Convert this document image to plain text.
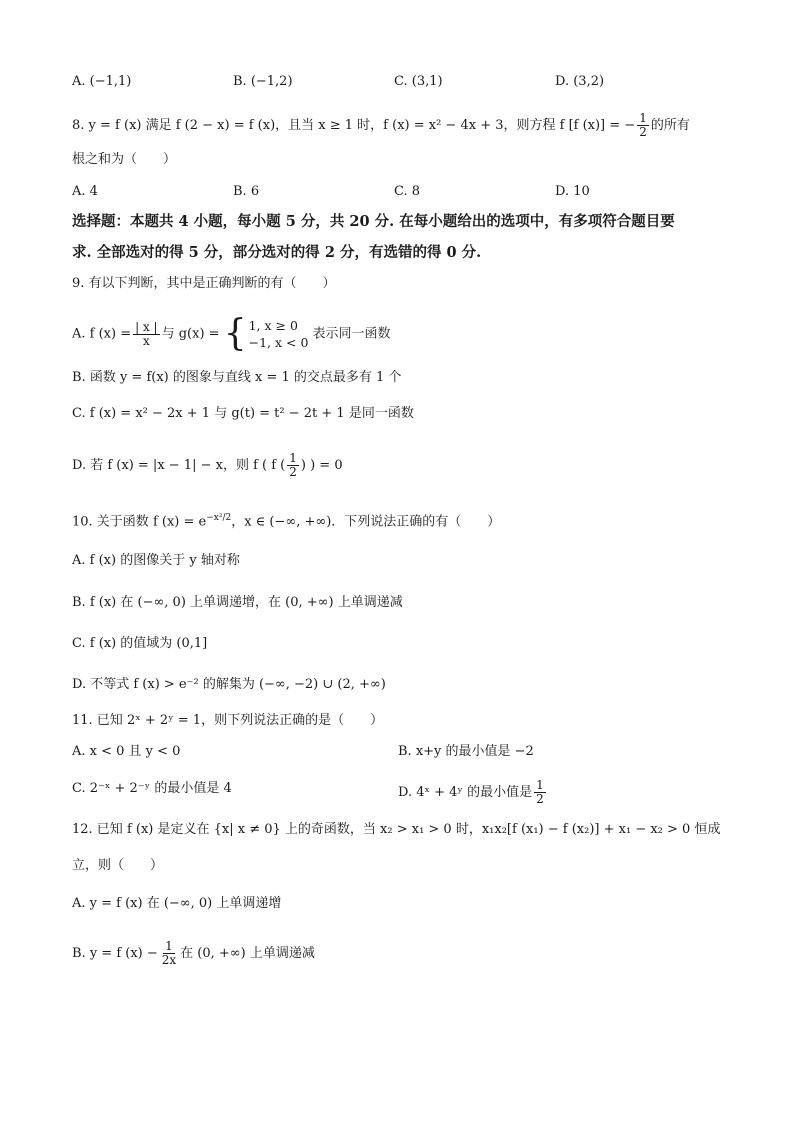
A. (−1,1)	B. (−1,2)	C. (3,1)	D. (3,2)
8. y = f (x) 满足 f (2 − x) = f (x)，且当 x ≥ 1 时，f (x) = x² − 4x + 3，则方程 f [f (x)] = − $\frac{1}{2}$ 的所有
根之和为（　　）
A. 4	B. 6	C. 8	D. 10
选择题：本题共 4 小题，每小题 5 分，共 20 分. 在每小题给出的选项中，有多项符合题目要
求. 全部选对的得 5 分，部分选对的得 2 分，有选错的得 0 分.
9. 有以下判断，其中是正确判断的有（　　）
A. f $(x) = \frac{| x |}{x}$ 与 g(x) = { 1, x ≥ 0
−1, x < 0
表示同一函数
B. 函数 y = f(x) 的图象与直线 x = 1 的交点最多有 1 个
C. f (x) = x² − 2x + 1 与 g(t) = t² − 2t + 1 是同一函数
D. 若 f (x) = |x − 1| − x，则 f ( f ( $\frac{1}{2}$ ) ) = 0
10. 关于函数 f $(x) = e^{-x^2/2}$，x ∈ (−∞, +∞)．下列说法正确的有（　　）
A. f (x) 的图像关于 y 轴对称
B. f (x) 在 (−∞, 0) 上单调递增，在 (0, +∞) 上单调递减
C. f (x) 的值域为 (0,1]
D. 不等式 f (x) > e⁻² 的解集为 (−∞, −2) ∪ (2, +∞)
11. 已知 2ˣ + 2ʸ = 1，则下列说法正确的是（　　）
A. x < 0 且 y < 0	B. x+y 的最小值是 −2
C. 2⁻ˣ + 2⁻ʸ 的最小值是 4	D. 4ˣ + 4ʸ 的最小值是 $\frac{1}{2}$
12. 已知 f (x) 是定义在 {x| x ≠ 0} 上的奇函数，当 x₂ > x₁ > 0 时，x₁x₂[f (x₁) − f (x₂)] + x₁ − x₂ > 0 恒成
立，则（　　）
A. y = f (x) 在 (−∞, 0) 上单调递增
B. y = f $(x) - \frac{1}{2x}$ 在 (0, +∞) 上单调递减
